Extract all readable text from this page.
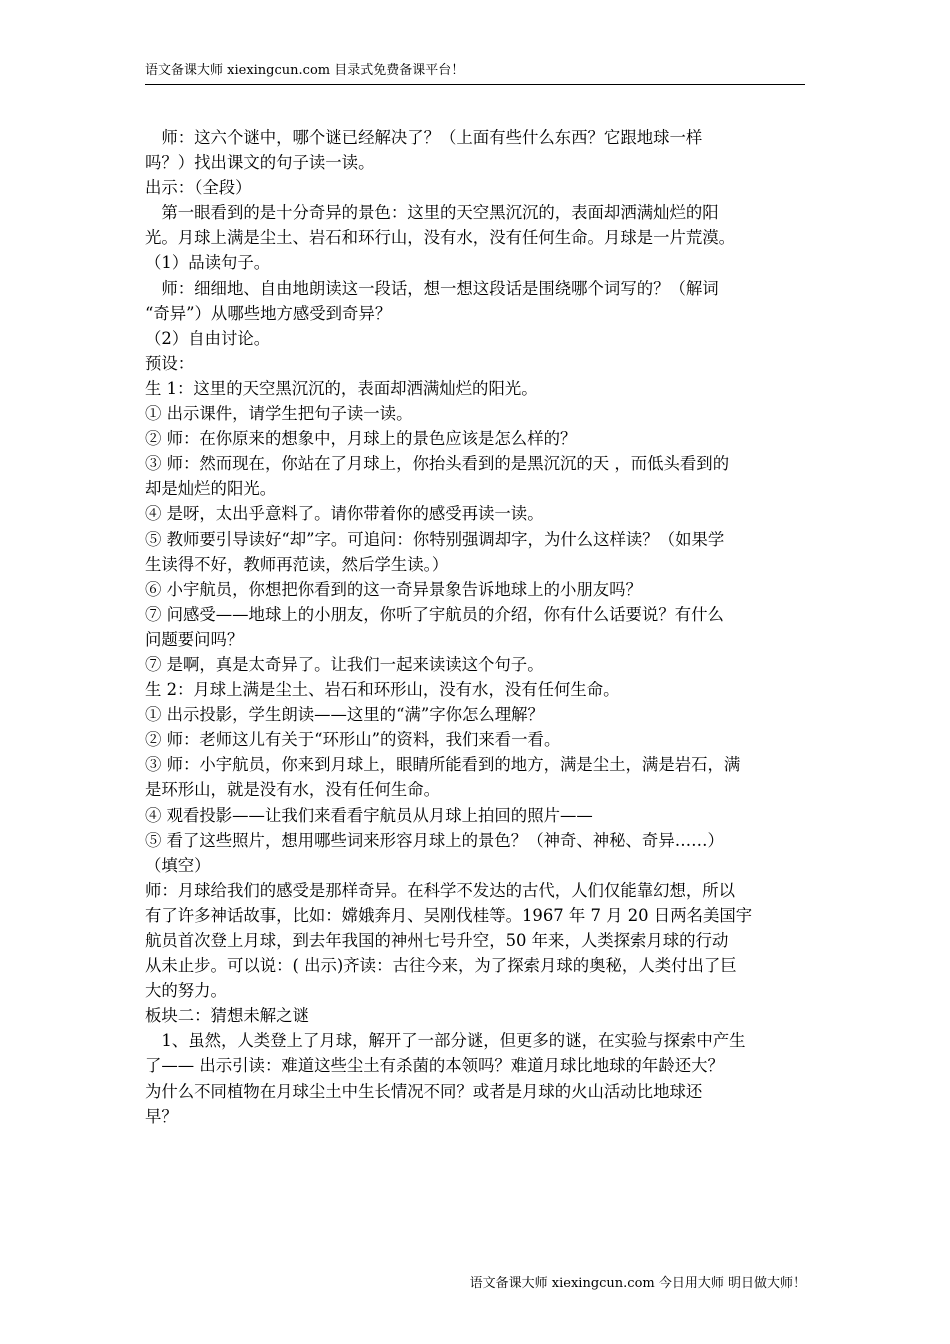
语文备课大师 xiexingcun.com 目录式免费备课平台！
　师：这六个谜中，哪个谜已经解决了？（上面有些什么东西？它跟地球一样
吗？）找出课文的句子读一读。
出示：（全段）
　第一眼看到的是十分奇异的景色：这里的天空黑沉沉的，表面却洒满灿烂的阳
光。月球上满是尘土、岩石和环行山，没有水，没有任何生命。月球是一片荒漠。
（1）品读句子。
　师：细细地、自由地朗读这一段话，想一想这段话是围绕哪个词写的？（解词
“奇异”）从哪些地方感受到奇异？
（2）自由讨论。
预设：
生 1：这里的天空黑沉沉的，表面却洒满灿烂的阳光。
① 出示课件，请学生把句子读一读。
② 师：在你原来的想象中，月球上的景色应该是怎么样的？
③ 师：然而现在，你站在了月球上，你抬头看到的是黑沉沉的天 ，而低头看到的
却是灿烂的阳光。
④ 是呀，太出乎意料了。请你带着你的感受再读一读。
⑤ 教师要引导读好“却”字。可追问：你特别强调却字，为什么这样读？（如果学
生读得不好，教师再范读，然后学生读。）
⑥ 小宇航员，你想把你看到的这一奇异景象告诉地球上的小朋友吗？
⑦ 问感受——地球上的小朋友，你听了宇航员的介绍，你有什么话要说？有什么
问题要问吗？
⑦ 是啊，真是太奇异了。让我们一起来读读这个句子。
生 2：月球上满是尘土、岩石和环形山，没有水，没有任何生命。
① 出示投影，学生朗读——这里的“满”字你怎么理解？
② 师：老师这儿有关于“环形山”的资料，我们来看一看。
③ 师：小宇航员，你来到月球上，眼睛所能看到的地方，满是尘土，满是岩石，满
是环形山，就是没有水，没有任何生命。
④ 观看投影——让我们来看看宇航员从月球上拍回的照片——
⑤ 看了这些照片，想用哪些词来形容月球上的景色？（神奇、神秘、奇异……）
（填空）
师：月球给我们的感受是那样奇异。在科学不发达的古代，人们仅能靠幻想，所以
有了许多神话故事，比如：嫦娥奔月、吴刚伐桂等。1967 年 7 月 20 日两名美国宇
航员首次登上月球，到去年我国的神州七号升空，50 年来，人类探索月球的行动
从未止步。可以说：( 出示)齐读：古往今来，为了探索月球的奥秘，人类付出了巨
大的努力。
板块二：猜想未解之谜
　1、虽然，人类登上了月球，解开了一部分谜，但更多的谜，在实验与探索中产生
了—— 出示引读：难道这些尘土有杀菌的本领吗？难道月球比地球的年龄还大？
为什么不同植物在月球尘土中生长情况不同？或者是月球的火山活动比地球还
早？
语文备课大师 xiexingcun.com 今日用大师 明日做大师！
